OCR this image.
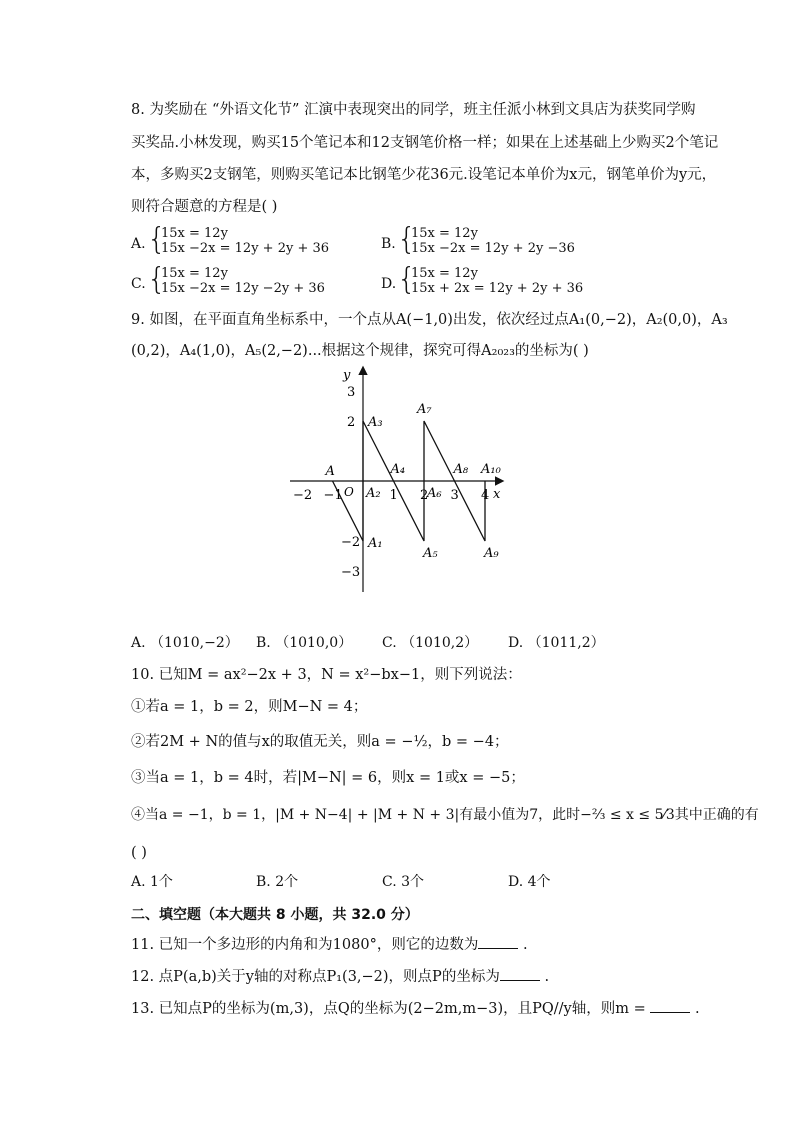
8. 为奖励在 “外语文化节” 汇演中表现突出的同学，班主任派小林到文具店为获奖同学购
买奖品.小林发现，购买15个笔记本和12支钢笔价格一样；如果在上述基础上少购买2个笔记
本，多购买2支钢笔，则购买笔记本比钢笔少花36元.设笔记本单价为x元，钢笔单价为y元，
则符合题意的方程是( )
A. {
15x = 12y
15x −2x = 12y + 2y + 36	B. {
15x = 12y
15x −2x = 12y + 2y −36
C. {
15x = 12y
15x −2x = 12y −2y + 36	D. {
15x = 12y
15x + 2x = 12y + 2y + 36
9. 如图，在平面直角坐标系中，一个点从A(−1,0)出发，依次经过点A₁(0,−2)，A₂(0,0)，A₃
(0,2)，A₄(1,0)，A₅(2,−2)...根据这个规律，探究可得A₂₀₂₃的坐标为( )
−2 −1	1 2 3 4
3
2
−2
−3
A
A₁
A₂
A₃
A₄
A₅
A₆
A₇
A₈
A₉
A₁₀
O	x
y
A. （1010,−2） B. （1010,0） C. （1010,2） D. （1011,2）
10. 已知M = ax²−2x + 3，N = x²−bx−1，则下列说法：
①若a = 1，b = 2，则M−N = 4；
②若2M + N的值与x的取值无关，则a = −½，b = −4；
③当a = 1，b = 4时，若|M−N| = 6，则x = 1或x = −5；
④当a = −1，b = 1，|M + N−4| + |M + N + 3|有最小值为7，此时−⅔ ≤ x ≤ 5⁄3其中正确的有
( )
A. 1个	B. 2个	C. 3个	D. 4个
二、填空题（本大题共 8 小题，共 32.0 分）
11. 已知一个多边形的内角和为1080°，则它的边数为	.
12. 点P(a,b)关于y轴的对称点P₁(3,−2)，则点P的坐标为	.
13. 已知点P的坐标为(m,3)，点Q的坐标为(2−2m,m−3)，且PQ//y轴，则m =	.
